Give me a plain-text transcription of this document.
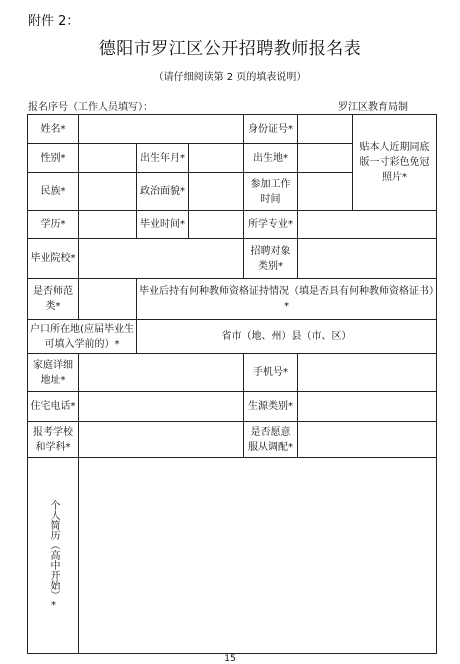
附件 2：
德阳市罗江区公开招聘教师报名表
（请仔细阅读第 2 页的填表说明）
报名序号（工作人员填写）：	罗江区教育局制
姓名*				身份证号*		贴本人近期同底版一寸彩色免冠照片*
性别*		出生年月*		出生地*		
民族*		政治面貌*		参加工作时间		
学历*		毕业时间*		所学专业*		
毕业院校*				招聘对象类别*		
是否师范类*		毕业后持有何种教师资格证持情况（填是否具有何种教师资格证书）*				
户口所在地(应届毕业生可填入学前的）*		省市（地、州）县（市、区）				
家庭详细地址*				手机号*		
住宅电话*				生源类别*		
报考学校和学科*				是否愿意服从调配*		

个人简历（高中开始）*						

15
